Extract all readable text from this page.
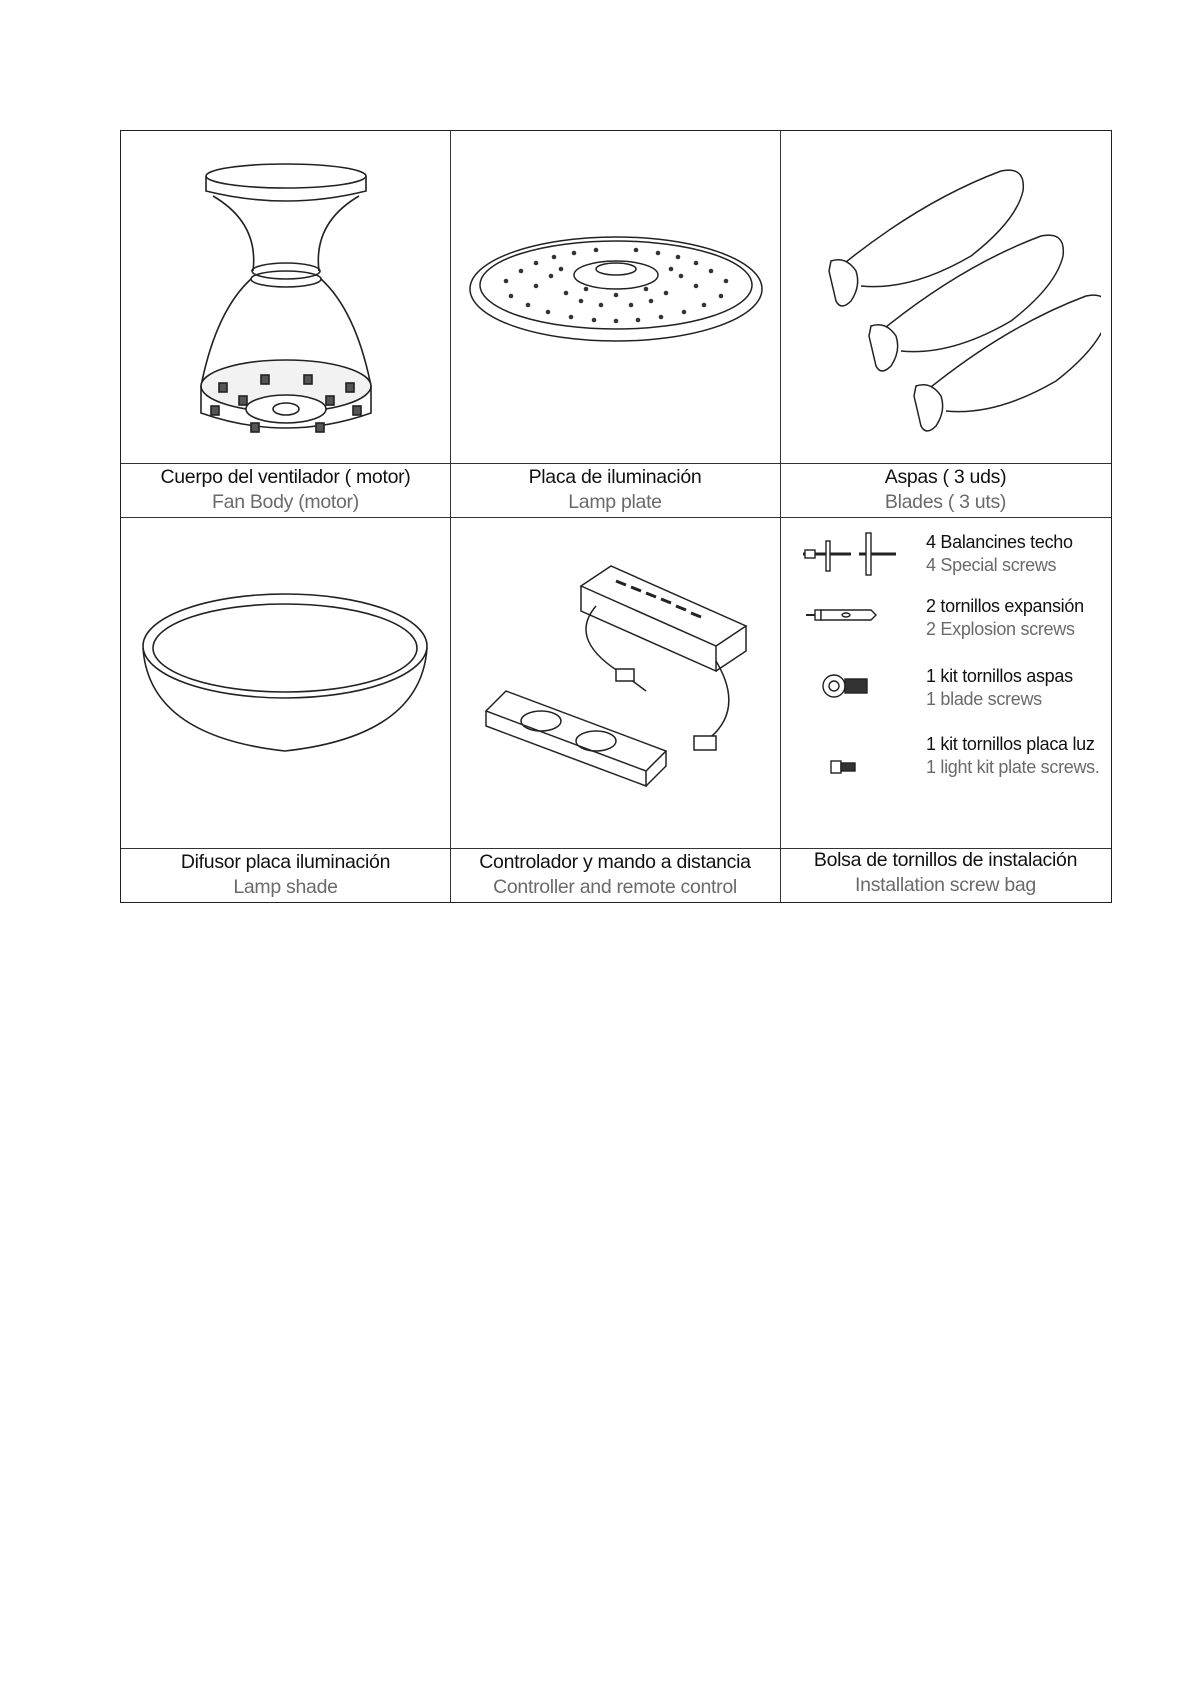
4 Balancines techo
4 Special screws
2 tornillos expansión
2 Explosion screws
1 kit tornillos aspas
1 blade screws
1 kit tornillos placa luz
1 light kit plate screws.
Cuerpo del ventilador ( motor)
Fan Body (motor)
Placa de iluminación
Lamp plate
Aspas ( 3 uds)
Blades ( 3 uts)
Difusor placa iluminación
Lamp shade
Controlador y mando a distancia
Controller and remote control
Bolsa de tornillos de instalación
Installation screw bag
